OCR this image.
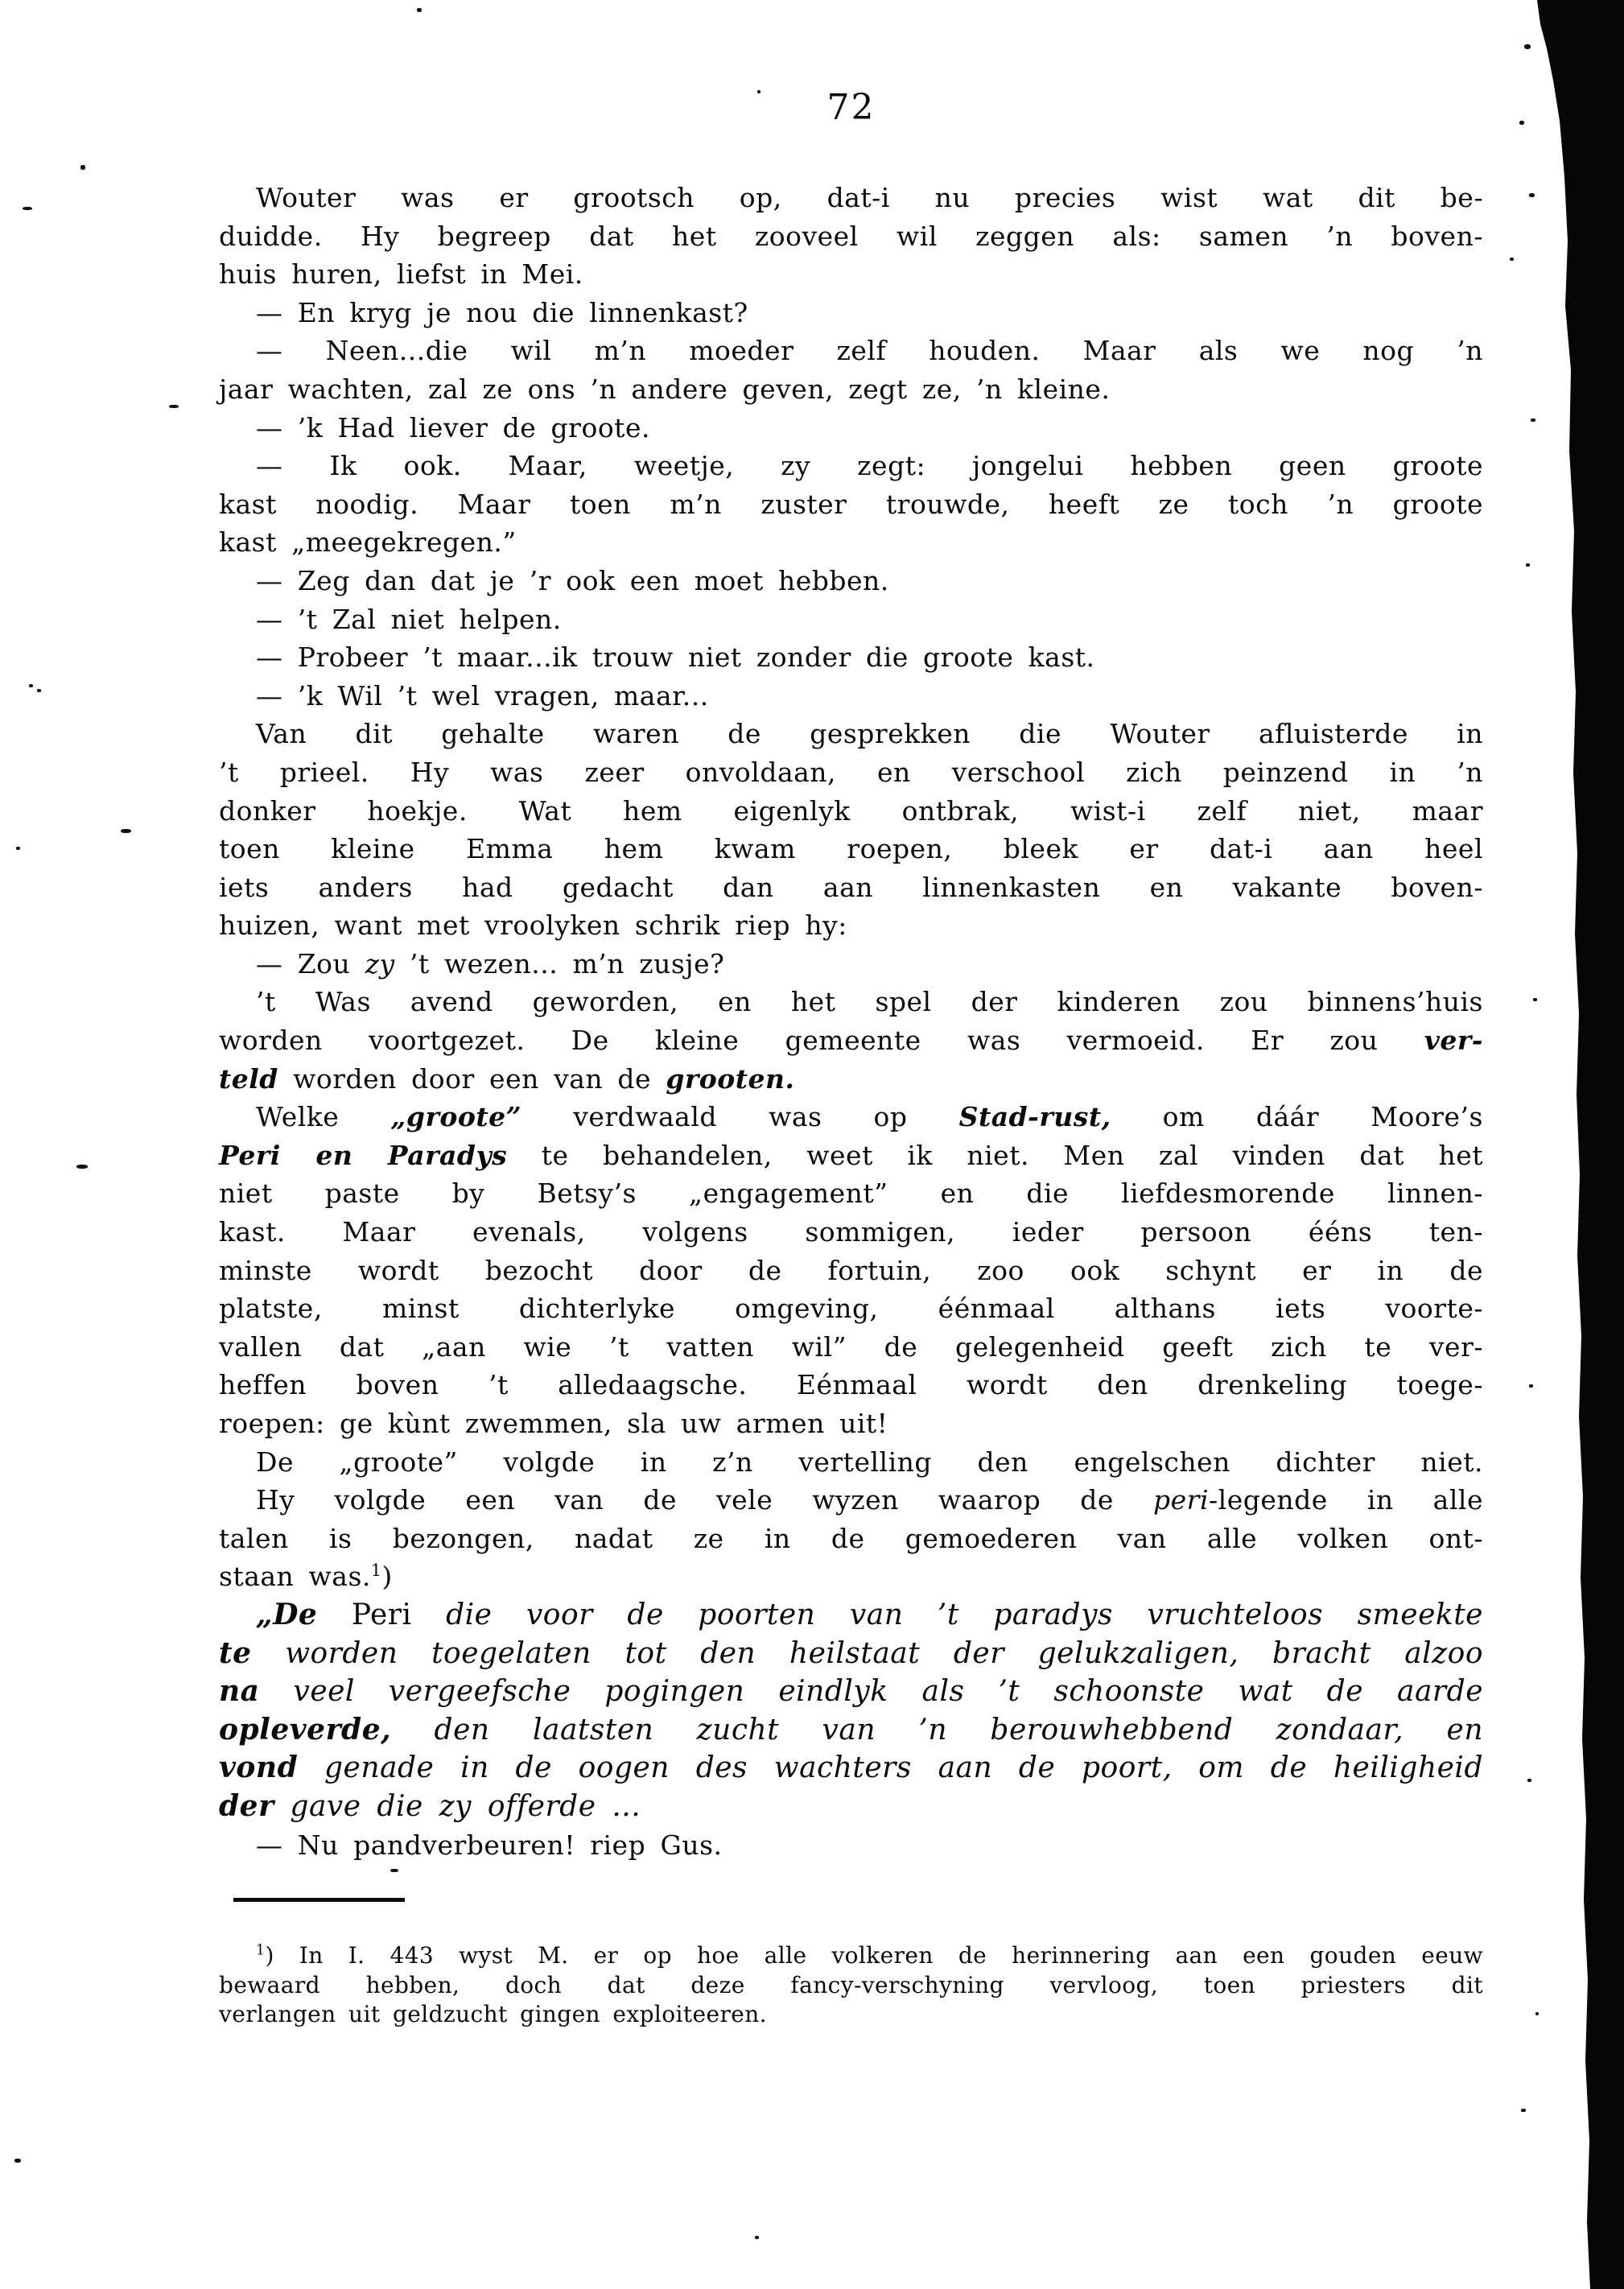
72
Wouter was er grootsch op, dat-i nu precies wist wat dit be-
duidde. Hy begreep dat het zooveel wil zeggen als: samen ’n boven-
huis huren, liefst in Mei.
— En kryg je nou die linnenkast?
— Neen...die wil m’n moeder zelf houden. Maar als we nog ’n
jaar wachten, zal ze ons ’n andere geven, zegt ze, ’n kleine.
— ’k Had liever de groote.
— Ik ook. Maar, weetje, zy zegt: jongelui hebben geen groote
kast noodig. Maar toen m’n zuster trouwde, heeft ze toch ’n groote
kast „meegekregen.”
— Zeg dan dat je ’r ook een moet hebben.
— ’t Zal niet helpen.
— Probeer ’t maar...ik trouw niet zonder die groote kast.
— ’k Wil ’t wel vragen, maar...
Van dit gehalte waren de gesprekken die Wouter afluisterde in
’t prieel. Hy was zeer onvoldaan, en verschool zich peinzend in ’n
donker hoekje. Wat hem eigenlyk ontbrak, wist-i zelf niet, maar
toen kleine Emma hem kwam roepen, bleek er dat-i aan heel
iets anders had gedacht dan aan linnenkasten en vakante boven-
huizen, want met vroolyken schrik riep hy:
— Zou zy ’t wezen... m’n zusje?
’t Was avend geworden, en het spel der kinderen zou binnens’huis
worden voortgezet. De kleine gemeente was vermoeid. Er zou ver-
teld worden door een van de grooten.
Welke „groote” verdwaald was op Stad-rust, om dáár Moore’s
Peri en Paradys te behandelen, weet ik niet. Men zal vinden dat het
niet paste by Betsy’s „engagement” en die liefdesmorende linnen-
kast. Maar evenals, volgens sommigen, ieder persoon ééns ten-
minste wordt bezocht door de fortuin, zoo ook schynt er in de
platste, minst dichterlyke omgeving, éénmaal althans iets voorte-
vallen dat „aan wie ’t vatten wil” de gelegenheid geeft zich te ver-
heffen boven ’t alledaagsche. Eénmaal wordt den drenkeling toege-
roepen: ge kùnt zwemmen, sla uw armen uit!
De „groote” volgde in z’n vertelling den engelschen dichter niet.
Hy volgde een van de vele wyzen waarop de peri-legende in alle
talen is bezongen, nadat ze in de gemoederen van alle volken ont-
staan was.$^1$)
„De Peri die voor de poorten van ’t paradys vruchteloos smeekte
te worden toegelaten tot den heilstaat der gelukzaligen, bracht alzoo
na veel vergeefsche pogingen eindlyk als ’t schoonste wat de aarde
opleverde, den laatsten zucht van ’n berouwhebbend zondaar, en
vond genade in de oogen des wachters aan de poort, om de heiligheid
der gave die zy offerde ...
— Nu pandverbeuren! riep Gus.
$^1$) In I. 443 wyst M. er op hoe alle volkeren de herinnering aan een gouden eeuw
bewaard hebben, doch dat deze fancy-verschyning vervloog, toen priesters dit
verlangen uit geldzucht gingen exploiteeren.
